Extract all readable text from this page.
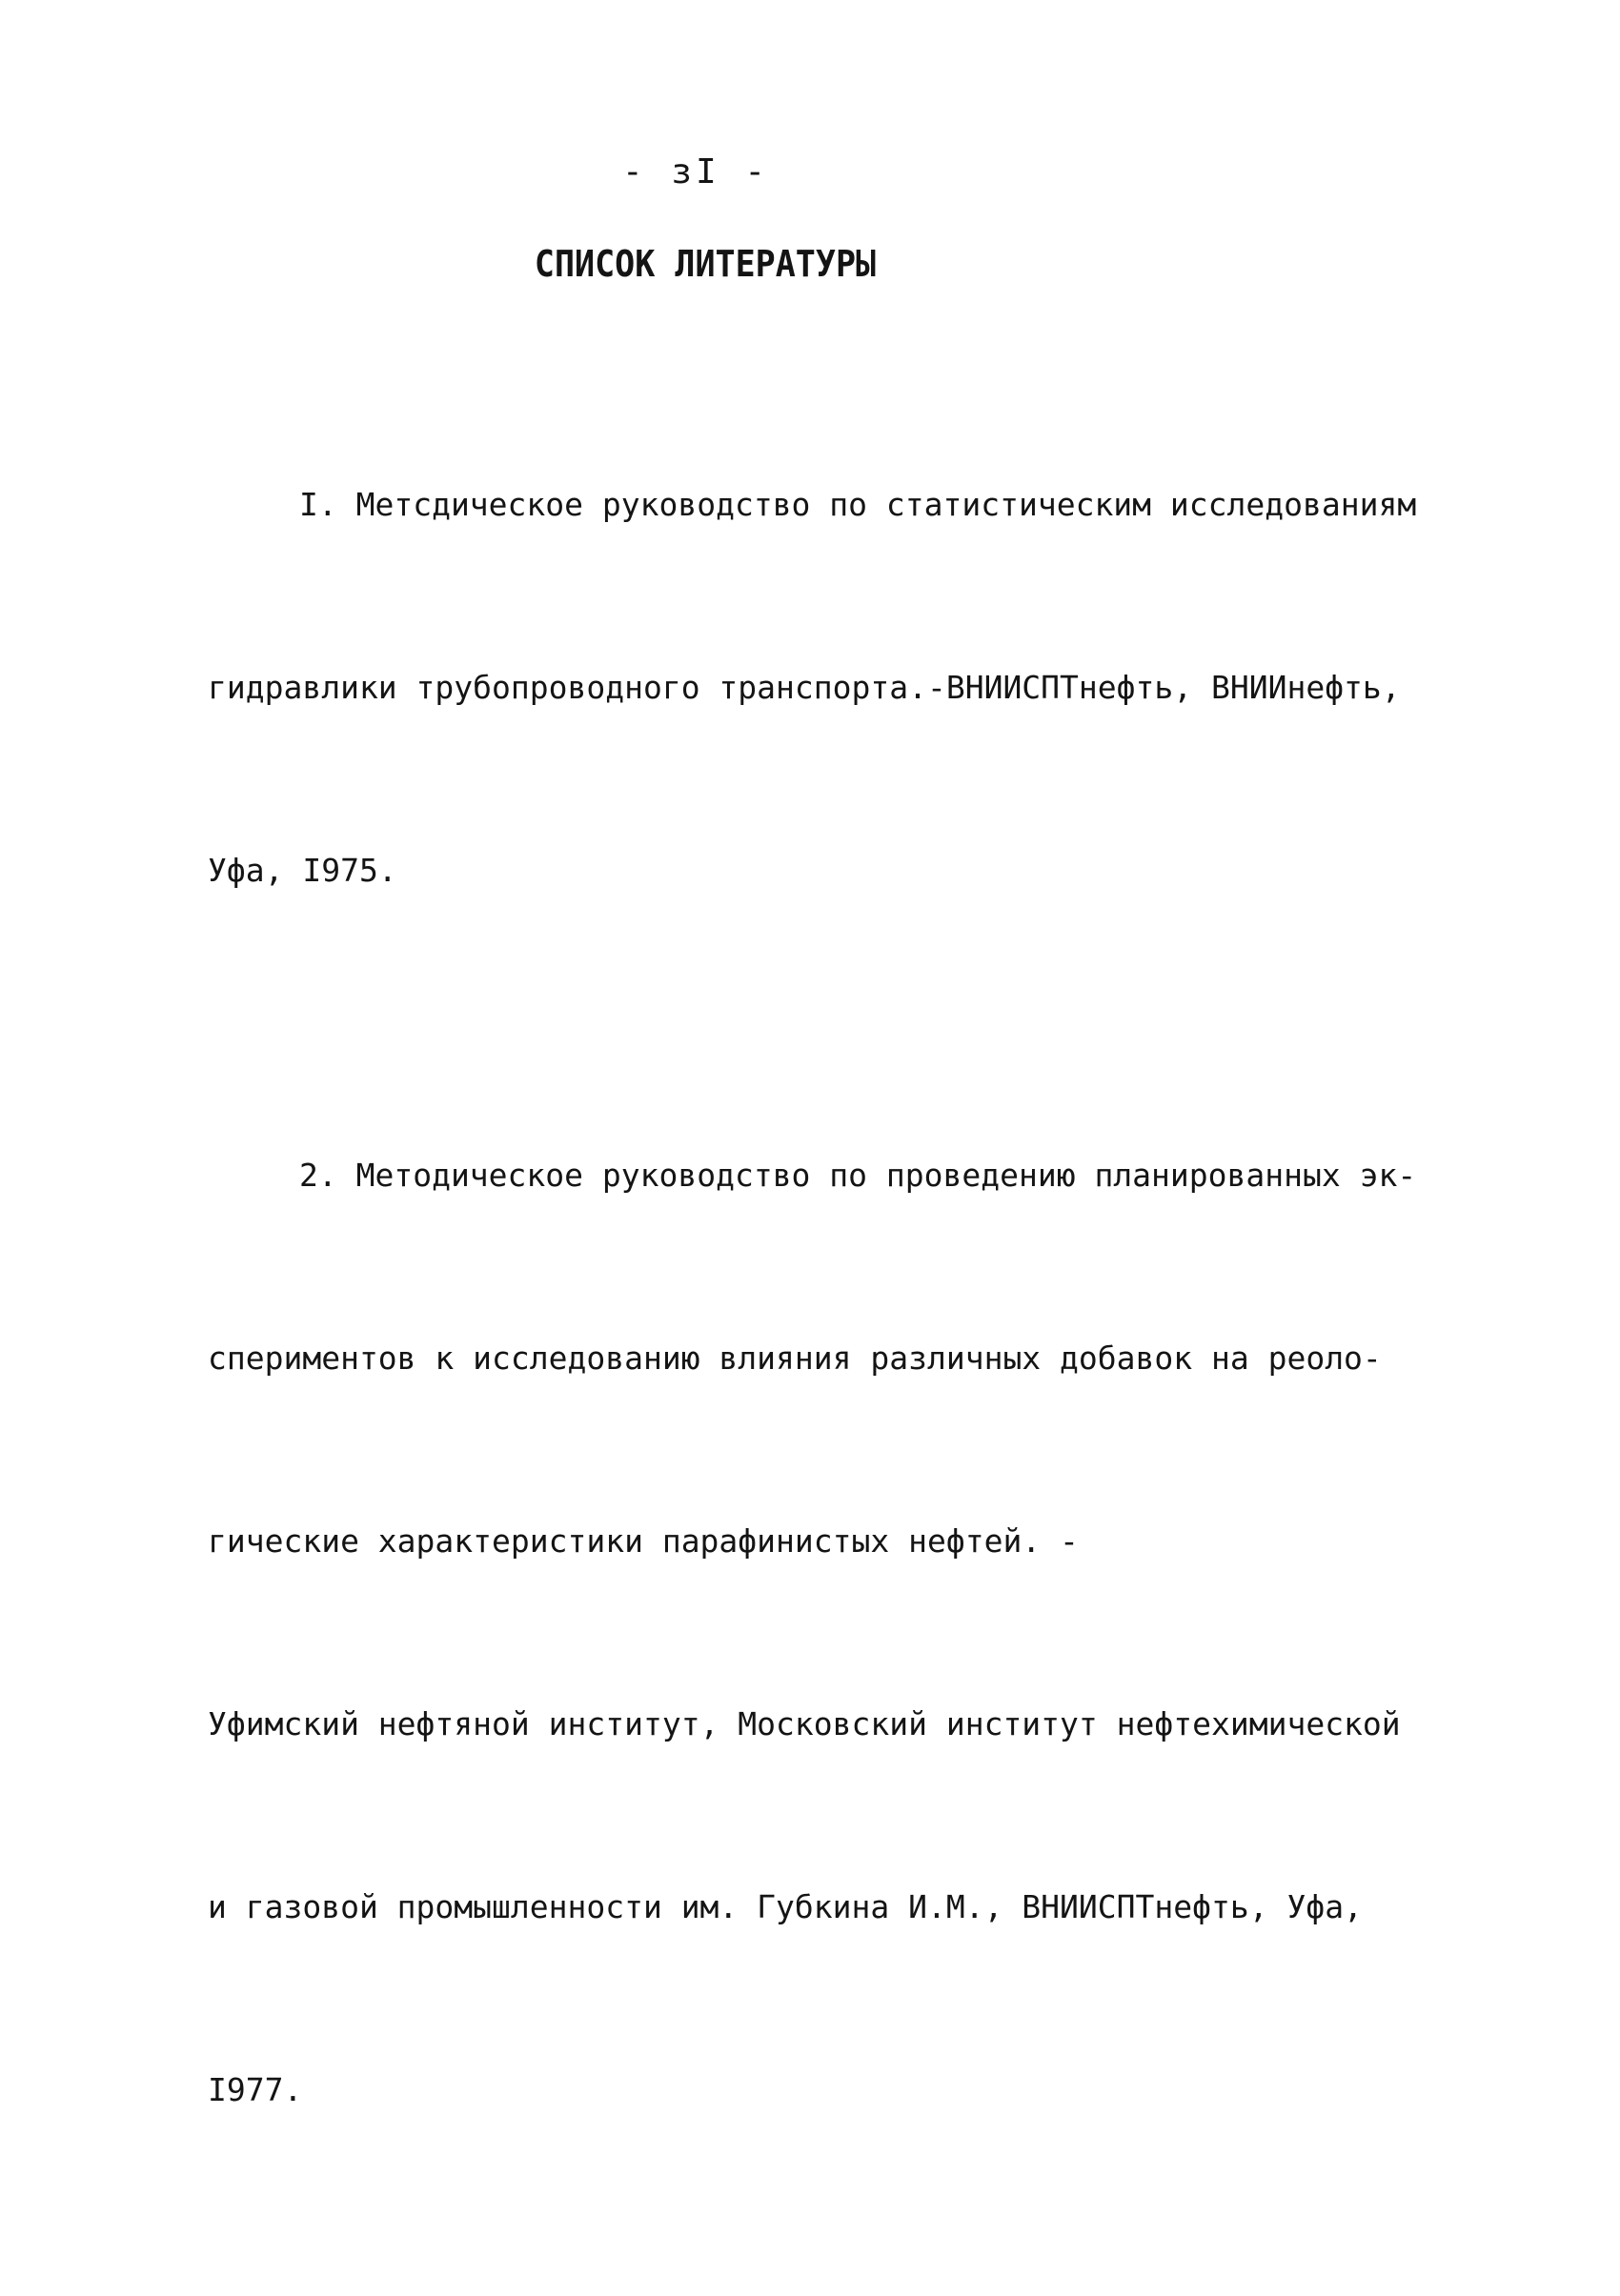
- зI -
СПИСОК ЛИТЕРАТУРЫ

I. Метсдическое руководство по статистическим исследованиям

гидравлики трубопроводного транспорта.-ВНИИСПТнефть, ВНИИнефть,

Уфа, I975.

2. Методическое руководство по проведению планированных эк-

спериментов к исследованию влияния различных добавок на реоло-

гические характеристики парафинистых нефтей. -

Уфимский нефтяной институт, Московский институт нефтехимической

и газовой промышленности им. Губкина И.М., ВНИИСПТнефть, Уфа,

I977.
